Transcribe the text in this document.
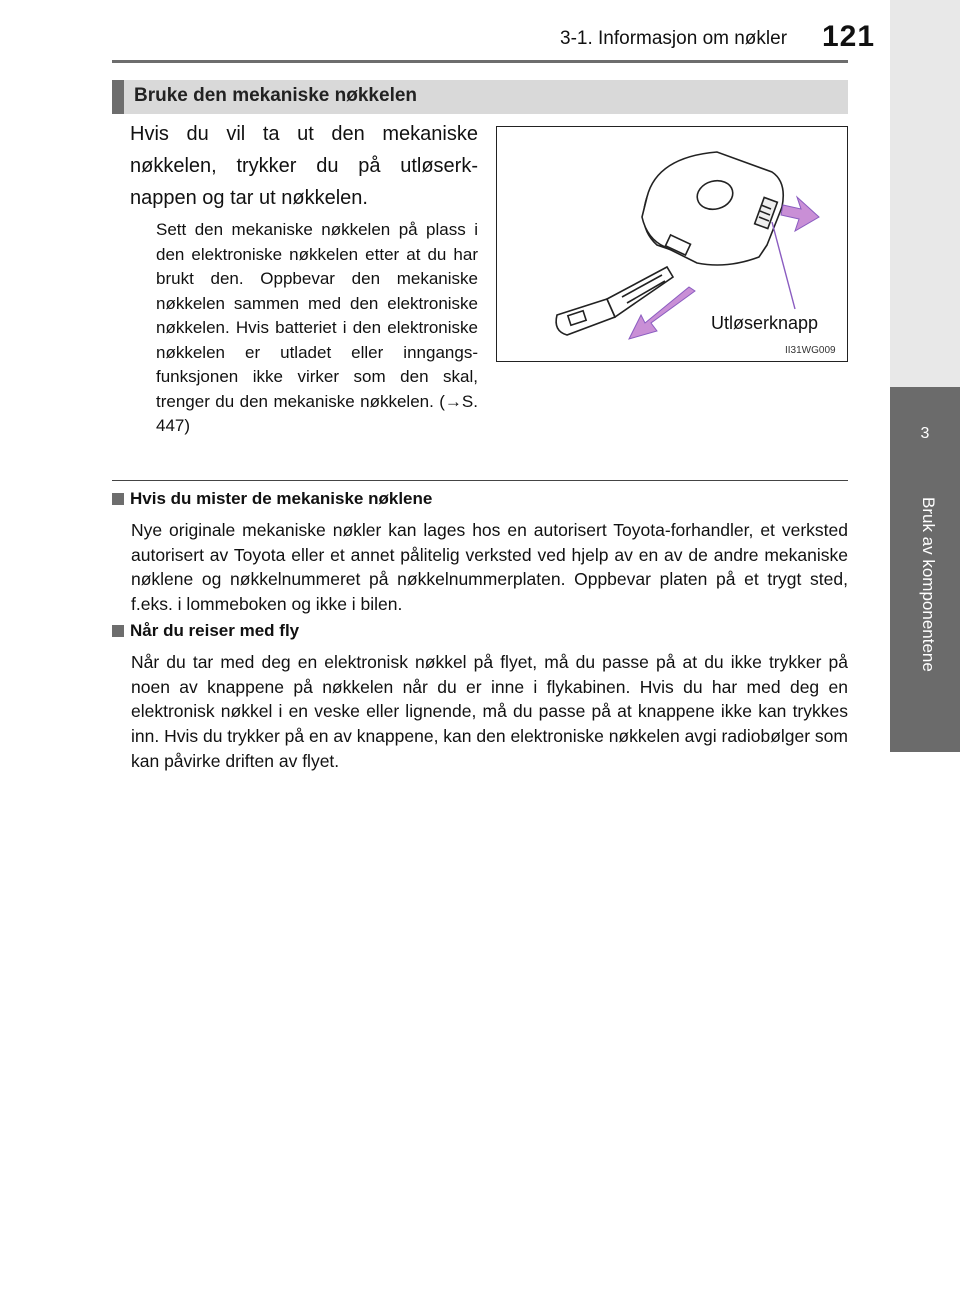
3
Bruk av komponentene
3-1. Informasjon om nøkler 121
Bruke den mekaniske nøkkelen
Hvis du vil ta ut den mekaniske nøkkelen, trykker du på utløserknappen og tar ut nøkkelen.
Sett den mekaniske nøkkelen på plass i den elektroniske nøkkelen etter at du har brukt den. Oppbevar den mekaniske nøkkelen sammen med den elektroniske nøkkelen. Hvis batteriet i den elektroniske nøkkelen er utladet eller inngangsfunksjonen ikke virker som den skal, trenger du den mekaniske nøkkelen. (→S. 447)
Utløserknapp
II31WG009
Hvis du mister de mekaniske nøklene
Nye originale mekaniske nøkler kan lages hos en autorisert Toyota-forhandler, et verksted autorisert av Toyota eller et annet pålitelig verksted ved hjelp av en av de andre mekaniske nøklene og nøkkelnummeret på nøkkelnummerplaten. Oppbevar platen på et trygt sted, f.eks. i lommeboken og ikke i bilen.
Når du reiser med fly
Når du tar med deg en elektronisk nøkkel på flyet, må du passe på at du ikke trykker på noen av knappene på nøkkelen når du er inne i flykabinen. Hvis du har med deg en elektronisk nøkkel i en veske eller lignende, må du passe på at knappene ikke kan trykkes inn. Hvis du trykker på en av knappene, kan den elektroniske nøkkelen avgi radiobølger som kan påvirke driften av flyet.
